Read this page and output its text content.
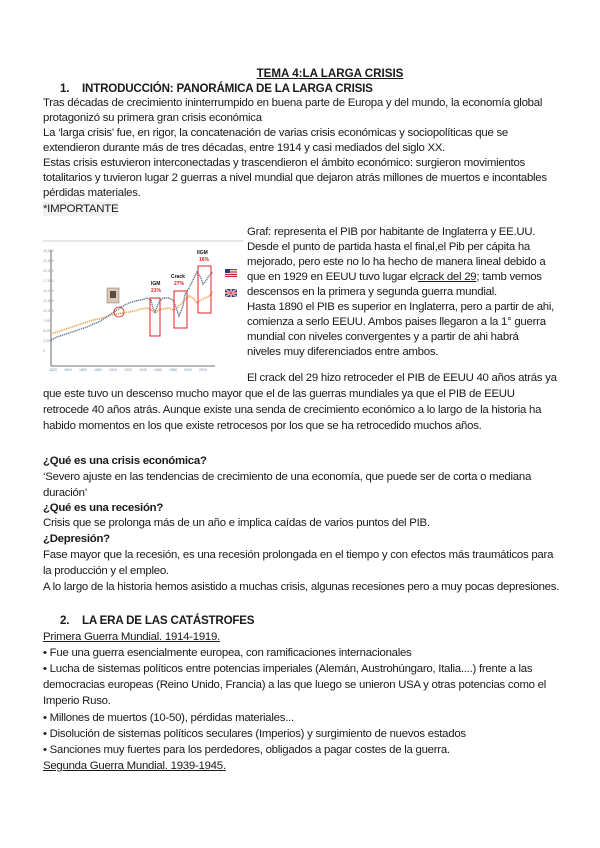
TEMA 4:LA LARGA CRISIS
1. INTRODUCCIÓN: PANORÁMICA DE LA LARGA CRISIS
Tras décadas de crecimiento ininterrumpido en buena parte de Europa y del mundo, la economía global
protagonizó su primera gran crisis económica
La ‘larga crisis’ fue, en rigor, la concatenación de varias crisis económicas y sociopolíticas que se
extendieron durante más de tres décadas, entre 1914 y casi mediados del siglo XX.
Estas crisis estuvieron interconectadas y trascendieron el ámbito económico: surgieron movimientos
totalitarios y tuvieron lugar 2 guerras a nivel mundial que dejaron atrás millones de muertos e incontables
pérdidas materiales.
*IMPORTANTE
25,000
22,500
20,000
17,500
15,000
12,500
10,000
7,500
5,000
2,500
0
1820 1840 1860 1880 1900 1920 1940 1960 1980 2000 2020
IGM
21%
Crack
27%
IIGM
16%
Graf: representa el PIB por habitante de Inglaterra y EE.UU.
Desde el punto de partida hasta el final,el Pib per cápita ha
mejorado, pero este no lo ha hecho de manera lineal debido a
que en 1929 en EEUU tuvo lugar elcrack del 29; tamb vemos
descensos en la primera y segunda guerra mundial.
Hasta 1890 el PIB es superior en Inglaterra, pero a partir de ahi,
comienza a serlo EEUU. Ambos paises llegaron a la 1° guerra
mundial con niveles convergentes y a partir de ahi habrá
niveles muy diferenciados entre ambos.
El crack del 29 hizo retroceder el PIB de EEUU 40 años atrás ya
que este tuvo un descenso mucho mayor que el de las guerras mundiales ya que el PIB de EEUU
retrocede 40 años atrás. Aunque existe una senda de crecimiento económico a lo largo de la historia ha
habido momentos en los que existe retrocesos por los que se ha retrocedido muchos años.
¿Qué es una crisis económica?
‘Severo ajuste en las tendencias de crecimiento de una economía, que puede ser de corta o mediana
duración’
¿Qué es una recesión?
Crisis que se prolonga más de un año e implica caídas de varios puntos del PIB.
¿Depresión?
Fase mayor que la recesión, es una recesión prolongada en el tiempo y con efectos más traumáticos para
la producción y el empleo.
A lo largo de la historia hemos asistido a muchas crisis, algunas recesiones pero a muy pocas depresiones.
2. LA ERA DE LAS CATÁSTROFES
Primera Guerra Mundial. 1914-1919.
• Fue una guerra esencialmente europea, con ramificaciones internacionales
• Lucha de sistemas políticos entre potencias imperiales (Alemán, Austrohúngaro, Italia....) frente a las
democracias europeas (Reino Unido, Francia) a las que luego se unieron USA y otras potencias como el
Imperio Ruso.
• Millones de muertos (10-50), pérdidas materiales...
• Disolución de sistemas políticos seculares (Imperios) y surgimiento de nuevos estados
• Sanciones muy fuertes para los perdedores, obligados a pagar costes de la guerra.
Segunda Guerra Mundial. 1939-1945.
